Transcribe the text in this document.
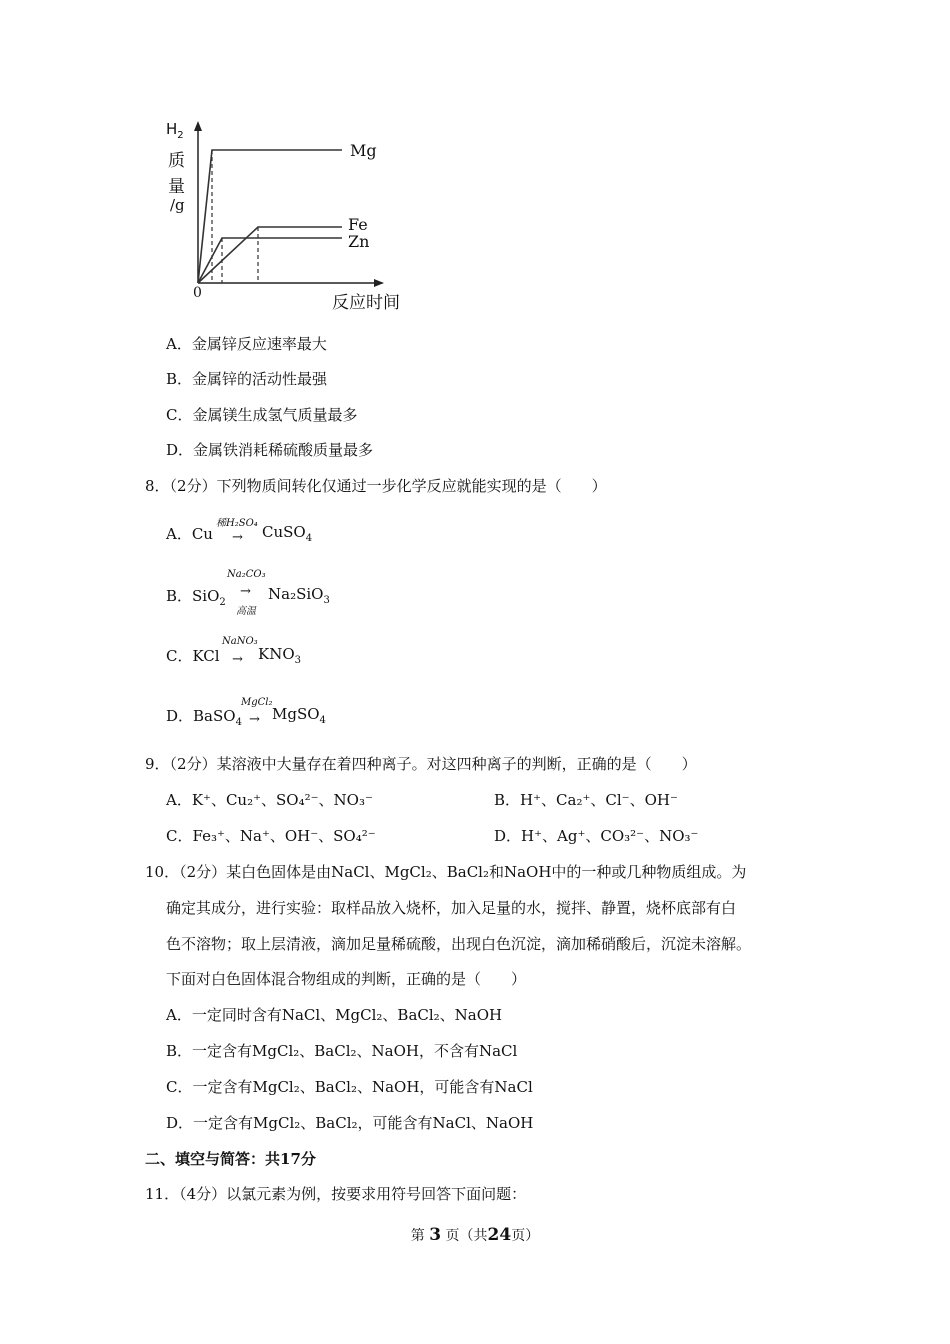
$H_2$
质
量
/g
0	反应时间
Mg
Fe
Zn
A．金属锌反应速率最大
B．金属锌的活动性最强
C．金属镁生成氢气质量最多
D．金属铁消耗稀硫酸质量最多
8．（2分）下列物质间转化仅通过一步化学反应就能实现的是（　　）
A．Cu
稀H₂SO₄
→ CuSO$_4$
B．SiO$_2$
Na₂CO₃
→
高温
Na₂SiO$_3$
C．KCl
NaNO₃
→ $KNO_3$
D．BaSO$_4$
MgCl₂
→ MgSO$_4$
9．（2分）某溶液中大量存在着四种离子。对这四种离子的判断，正确的是（　　）
A．K⁺、Cu₂⁺、SO₄²⁻、NO₃⁻	B．H⁺、Ca₂⁺、Cl⁻、OH⁻
C．Fe₃⁺、Na⁺、OH⁻、SO₄²⁻	D．H⁺、Ag⁺、CO₃²⁻、NO₃⁻
10．（2分）某白色固体是由NaCl、MgCl₂、BaCl₂和NaOH中的一种或几种物质组成。为
确定其成分，进行实验：取样品放入烧杯，加入足量的水，搅拌、静置，烧杯底部有白
色不溶物；取上层清液，滴加足量稀硫酸，出现白色沉淀，滴加稀硝酸后，沉淀未溶解。
下面对白色固体混合物组成的判断，正确的是（　　）
A．一定同时含有NaCl、MgCl₂、BaCl₂、NaOH
B．一定含有MgCl₂、BaCl₂、NaOH，不含有NaCl
C．一定含有MgCl₂、BaCl₂、NaOH，可能含有NaCl
D．一定含有MgCl₂、BaCl₂，可能含有NaCl、NaOH
二、填空与简答：共17分
11．（4分）以氯元素为例，按要求用符号回答下面问题：
第 3 页（共24页）
